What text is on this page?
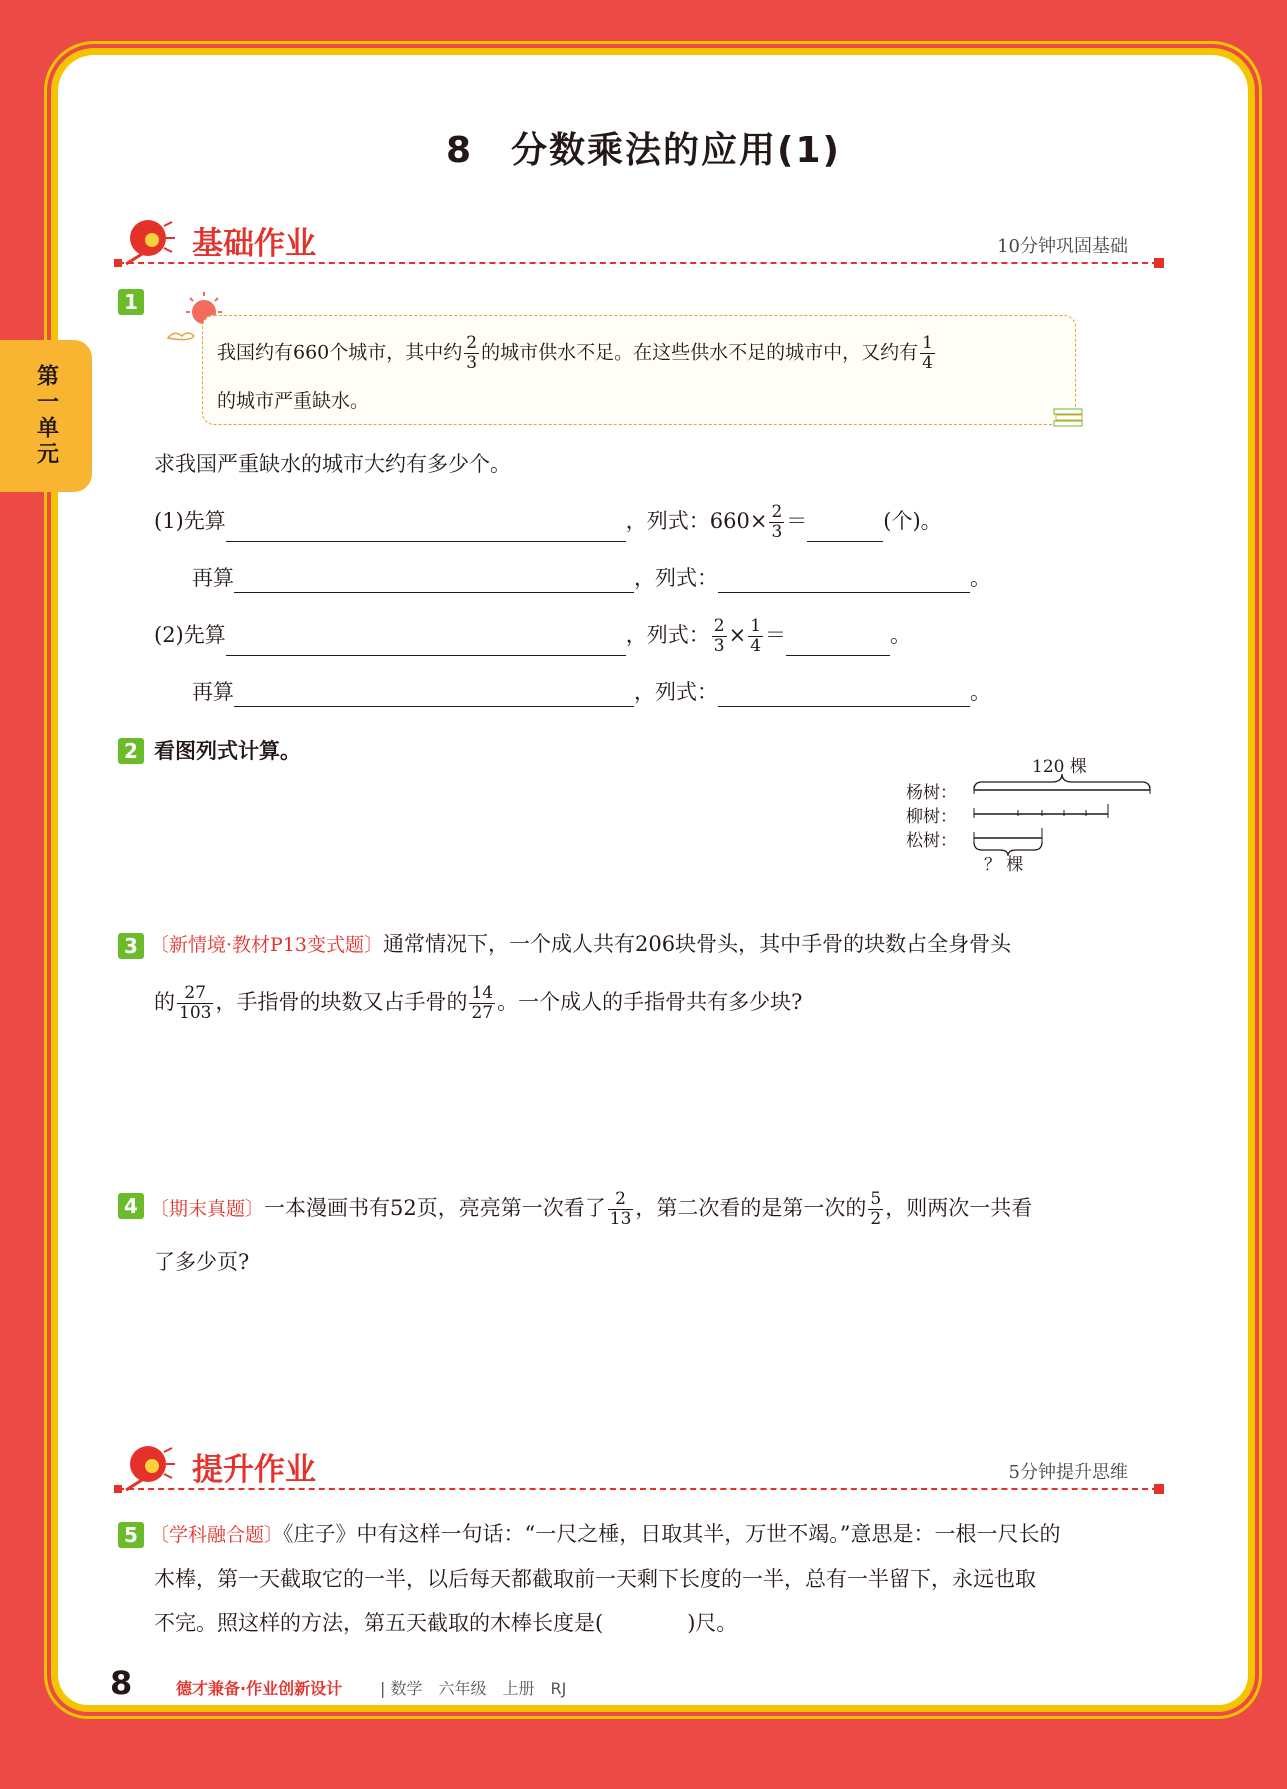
第一单元
8　分数乘法的应用(1)
基础作业	10分钟巩固基础
1
我国约有660个城市，其中约 $\frac{2}{3}$ 的城市供水不足。在这些供水不足的城市中，又约有 $\frac{1}{4}$
的城市严重缺水。
求我国严重缺水的城市大约有多少个。
(1)先算	，列式：$660\times \frac{2}{3}$ ＝	(个)。
再算	，列式：	。
(2)先算	，列式： $\frac{2}{3} \times \frac{1}{4}$ ＝	。
再算	，列式：	。
2 看图列式计算。
120 棵
杨树：
柳树：
松树：
？ 棵
3 〔新情境·教材P13变式题〕通常情况下，一个成人共有206块骨头，其中手骨的块数占全身骨头
的 $\frac{27}{103}$ ，手指骨的块数又占手骨的 $\frac{14}{27}$ 。一个成人的手指骨共有多少块?
4 〔期末真题〕一本漫画书有52页，亮亮第一次看了 $\frac{2}{13}$ ，第二次看的是第一次的 $\frac{5}{2}$ ，则两次一共看
了多少页?
提升作业	5分钟提升思维
5 〔学科融合题〕《庄子》中有这样一句话：“一尺之棰，日取其半，万世不竭。”意思是：一根一尺长的
木棒，第一天截取它的一半，以后每天都截取前一天剩下长度的一半，总有一半留下，永远也取
不完。照这样的方法，第五天截取的木棒长度是(　　　　)尺。
8	德才兼备·作业创新设计 | 数学　六年级　上册　RJ
